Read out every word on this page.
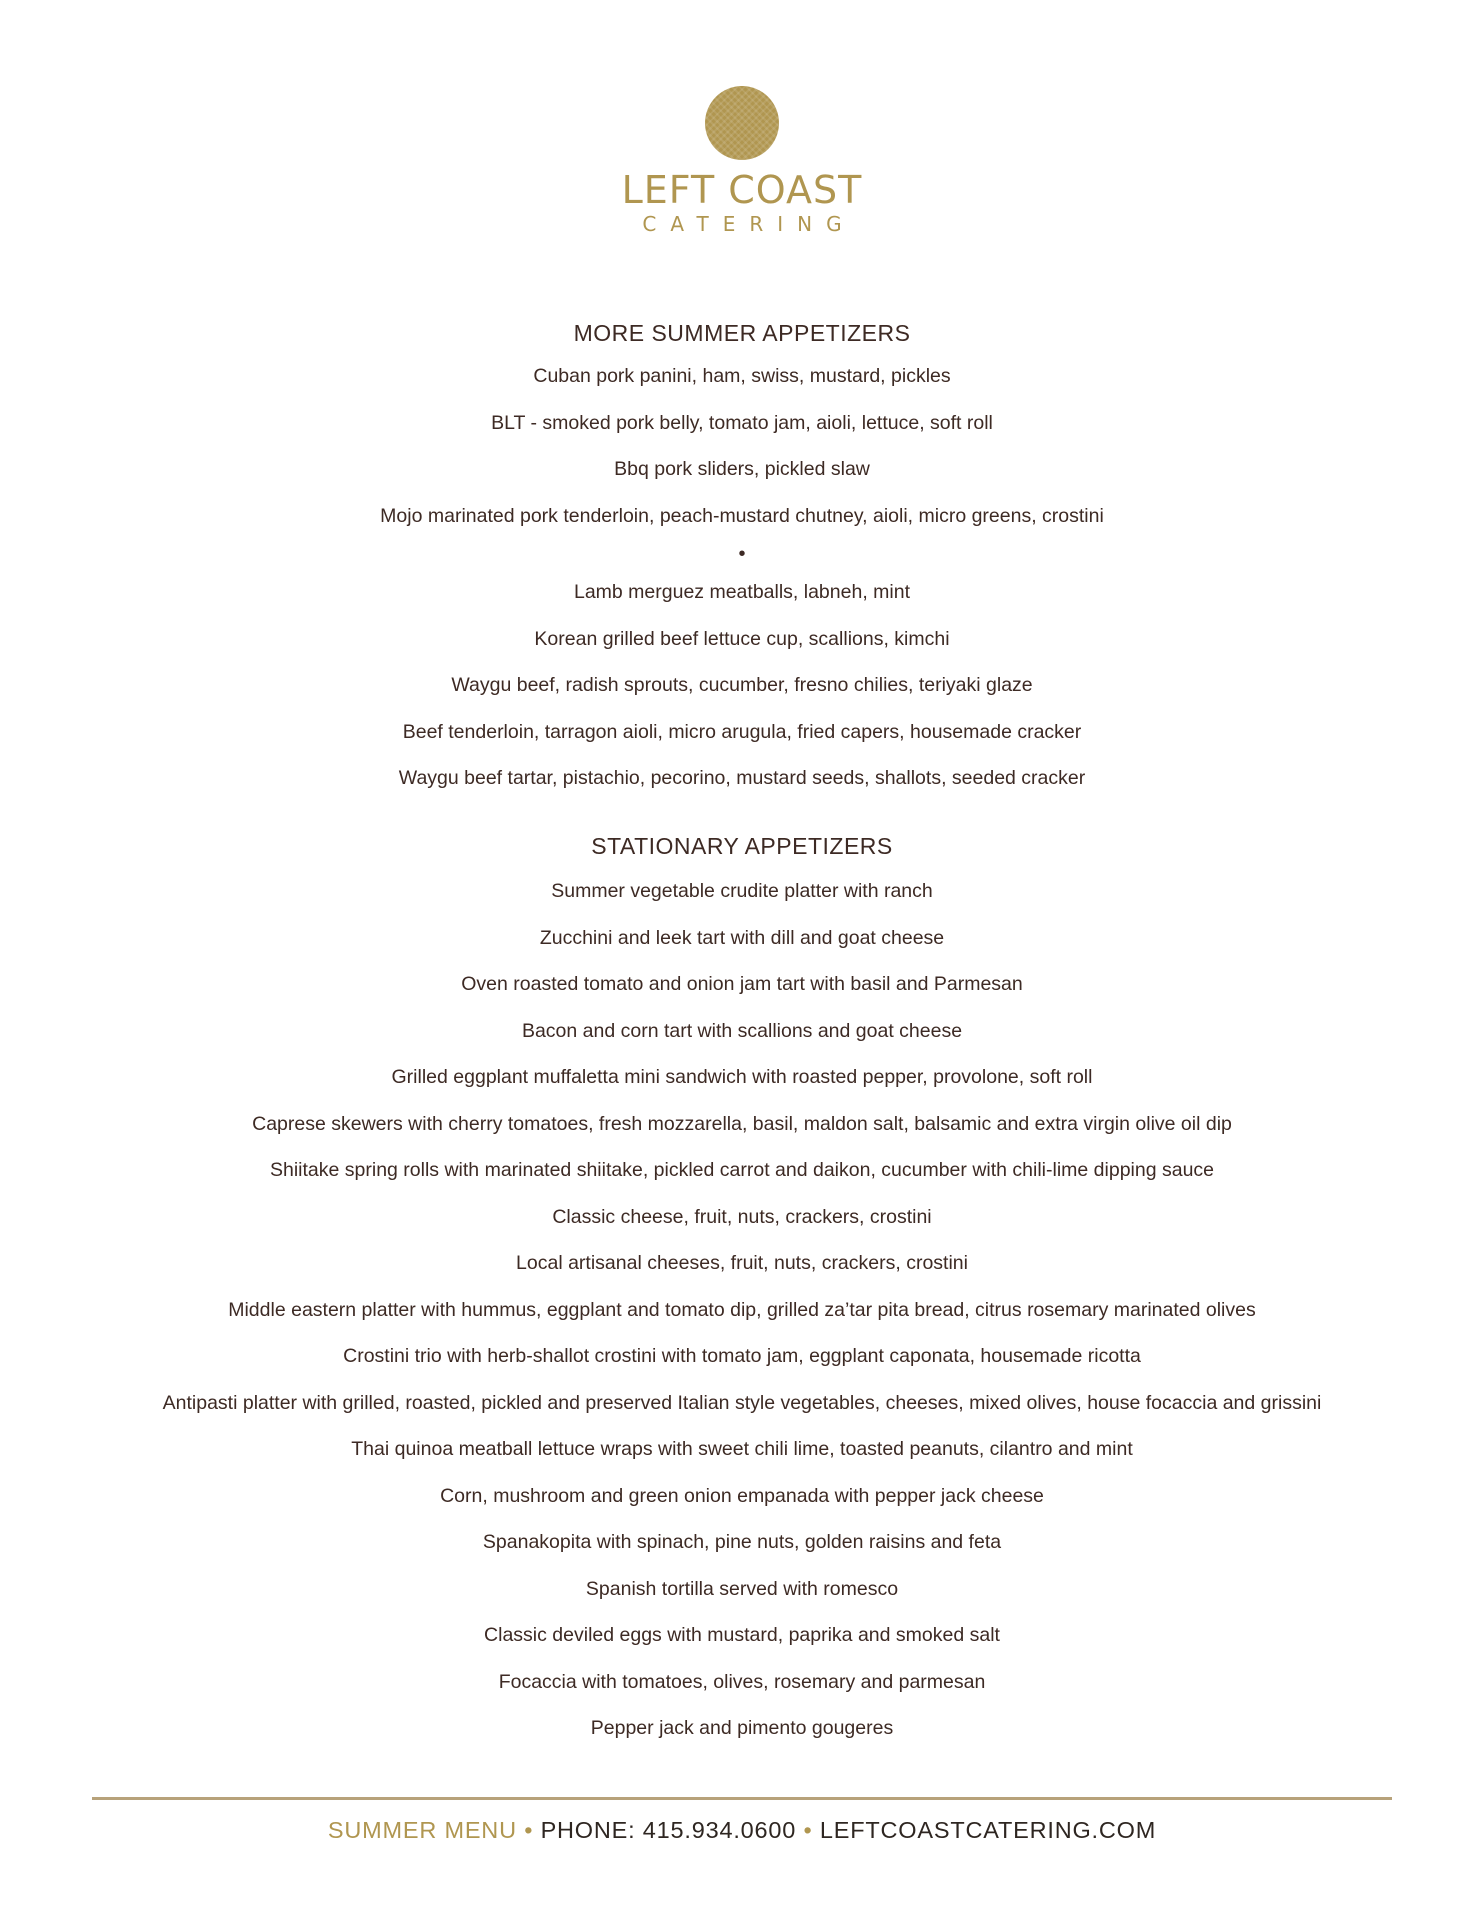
LEFT COAST
CATERING
MORE SUMMER APPETIZERS
Cuban pork panini, ham, swiss, mustard, pickles
BLT - smoked pork belly, tomato jam, aioli, lettuce, soft roll
Bbq pork sliders, pickled slaw
Mojo marinated pork tenderloin, peach-mustard chutney, aioli, micro greens, crostini
•
Lamb merguez meatballs, labneh, mint
Korean grilled beef lettuce cup, scallions, kimchi
Waygu beef, radish sprouts, cucumber, fresno chilies, teriyaki glaze
Beef tenderloin, tarragon aioli, micro arugula, fried capers, housemade cracker
Waygu beef tartar, pistachio, pecorino, mustard seeds, shallots, seeded cracker
STATIONARY APPETIZERS
Summer vegetable crudite platter with ranch
Zucchini and leek tart with dill and goat cheese
Oven roasted tomato and onion jam tart with basil and Parmesan
Bacon and corn tart with scallions and goat cheese
Grilled eggplant muffaletta mini sandwich with roasted pepper, provolone, soft roll
Caprese skewers with cherry tomatoes, fresh mozzarella, basil, maldon salt, balsamic and extra virgin olive oil dip
Shiitake spring rolls with marinated shiitake, pickled carrot and daikon, cucumber with chili-lime dipping sauce
Classic cheese, fruit, nuts, crackers, crostini
Local artisanal cheeses, fruit, nuts, crackers, crostini
Middle eastern platter with hummus, eggplant and tomato dip, grilled za’tar pita bread, citrus rosemary marinated olives
Crostini trio with herb-shallot crostini with tomato jam, eggplant caponata, housemade ricotta
Antipasti platter with grilled, roasted, pickled and preserved Italian style vegetables, cheeses, mixed olives, house focaccia and grissini
Thai quinoa meatball lettuce wraps with sweet chili lime, toasted peanuts, cilantro and mint
Corn, mushroom and green onion empanada with pepper jack cheese
Spanakopita with spinach, pine nuts, golden raisins and feta
Spanish tortilla served with romesco
Classic deviled eggs with mustard, paprika and smoked salt
Focaccia with tomatoes, olives, rosemary and parmesan
Pepper jack and pimento gougeres
SUMMER MENU • PHONE: 415.934.0600 • LEFTCOASTCATERING.COM
